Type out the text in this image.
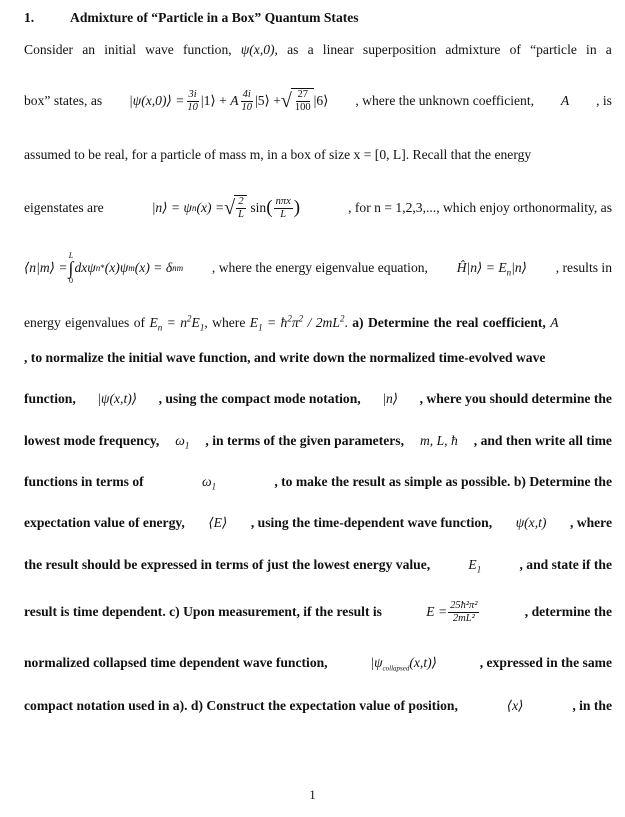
1.	Admixture of “Particle in a Box” Quantum States
Consider an initial wave function, ψ(x,0), as a linear superposition admixture of “particle in a
box” states, as |ψ(x,0)⟩ = $\frac{3i}{10}$ |1⟩ +
A $\frac{4i}{10}$ |5⟩ + √ $\frac{27}{100}$ |6⟩ , where the unknown coefficient, A , is
assumed to be real, for a particle of mass m, in a box of size x = [0, L]. Recall that the energy
eigenstates are	|n⟩ = ψ n (x) = √ $\frac{2}{L}$
sin ( $\frac{\text{nπx}}{L}$ )	, for n = 1,2,3,..., which enjoy orthonormality, as
⟨n|m⟩ =
L
∫
0
dxψ n * (x)ψ m (x) = δ nm , where the energy eigenvalue equation, Ĥ|n⟩ = $E_n|n⟩$ , results in
energy eigenvalues of $E_n = n^2E_1$, where $E_1$ = $ħ^2\pi^2 / 2mL^2$. a) Determine the real coefficient, A
, to normalize the initial wave function, and write down the normalized time-evolved wave
function, |ψ(x,t)⟩ , using the compact mode notation, |n⟩ , where you should determine the
lowest mode frequency, $\omega_1$ , in terms of the given parameters, m, L, ħ , and then write all time
functions in terms of	$\omega_1$	, to make the result as simple as possible. b) Determine the
expectation value of energy, ⟨E⟩ , using the time-dependent wave function, ψ(x,t) , where
the result should be expressed in terms of just the lowest energy value,	$E_1$	, and state if the
result is time dependent. c) Upon measurement, if the result is	$E = \frac{\text{25ħ²π²}}{\text{2mL²}}$	, determine the
normalized collapsed time dependent wave function,	$|\psi_{collapsed}(x,t)⟩$	, expressed in the same
compact notation used in a). d) Construct the expectation value of position,	⟨x⟩	, in the
1
